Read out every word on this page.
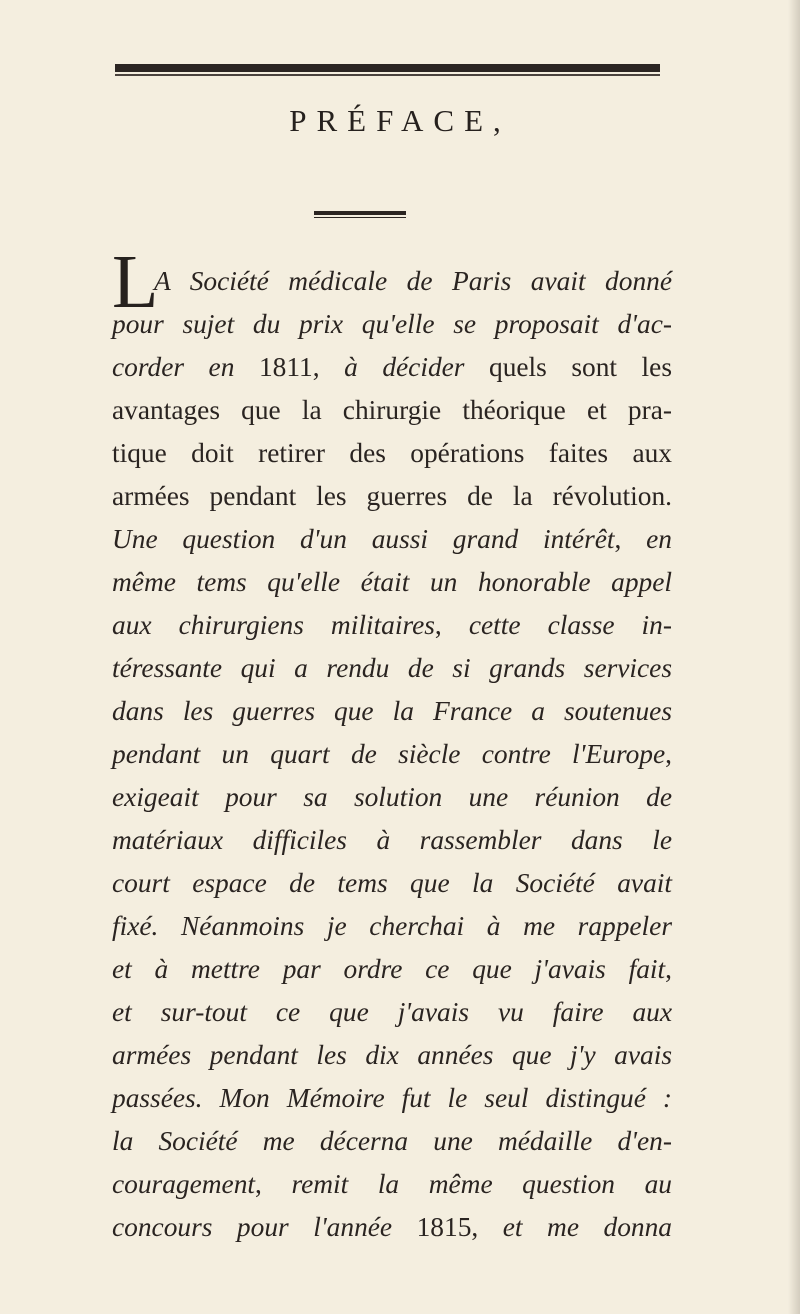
PRÉFACE,
L
A Société médicale de Paris avait donné
pour sujet du prix qu'elle se proposait d'ac-
corder en 1811, à décider quels sont les
avantages que la chirurgie théorique et pra-
tique doit retirer des opérations faites aux
armées pendant les guerres de la révolution.
Une question d'un aussi grand intérêt, en
même tems qu'elle était un honorable appel
aux chirurgiens militaires, cette classe in-
téressante qui a rendu de si grands services
dans les guerres que la France a soutenues
pendant un quart de siècle contre l'Europe,
exigeait pour sa solution une réunion de
matériaux difficiles à rassembler dans le
court espace de tems que la Société avait
fixé. Néanmoins je cherchai à me rappeler
et à mettre par ordre ce que j'avais fait,
et sur-tout ce que j'avais vu faire aux
armées pendant les dix années que j'y avais
passées. Mon Mémoire fut le seul distingué :
la Société me décerna une médaille d'en-
couragement, remit la même question au
concours pour l'année 1815, et me donna
